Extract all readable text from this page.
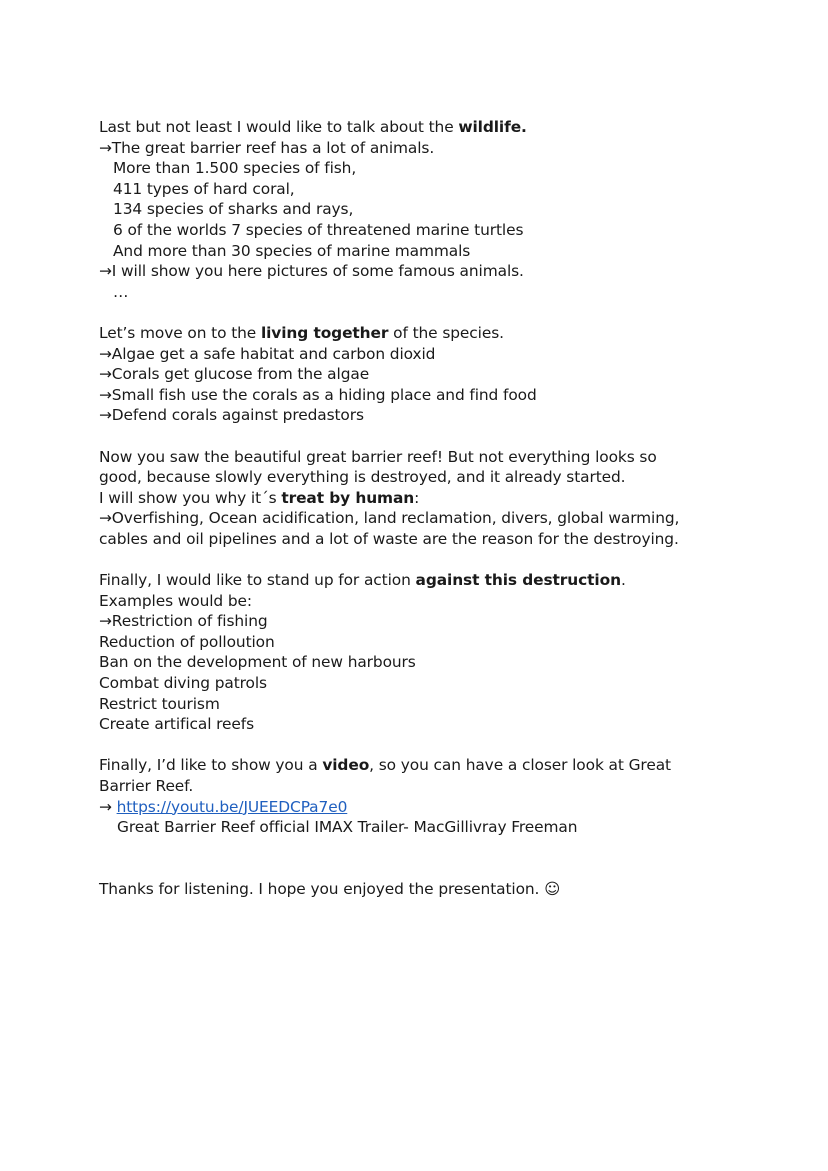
Last but not least I would like to talk about the wildlife.
→The great barrier reef has a lot of animals.
More than 1.500 species of fish,
411 types of hard coral,
134 species of sharks and rays,
6 of the worlds 7 species of threatened marine turtles
And more than 30 species of marine mammals
→I will show you here pictures of some famous animals.
…
Let’s move on to the living together of the species.
→Algae get a safe habitat and carbon dioxid
→Corals get glucose from the algae
→Small fish use the corals as a hiding place and find food
→Defend corals against predastors
Now you saw the beautiful great barrier reef! But not everything looks so
good, because slowly everything is destroyed, and it already started.
I will show you why it´s treat by human:
→Overfishing, Ocean acidification, land reclamation, divers, global warming,
cables and oil pipelines and a lot of waste are the reason for the destroying.
Finally, I would like to stand up for action against this destruction.
Examples would be:
→Restriction of fishing
Reduction of polloution
Ban on the development of new harbours
Combat diving patrols
Restrict tourism
Create artifical reefs
Finally, I’d like to show you a video, so you can have a closer look at Great
Barrier Reef.
→ https://youtu.be/JUEEDCPa7e0
Great Barrier Reef official IMAX Trailer- MacGillivray Freeman
Thanks for listening. I hope you enjoyed the presentation. ☺
